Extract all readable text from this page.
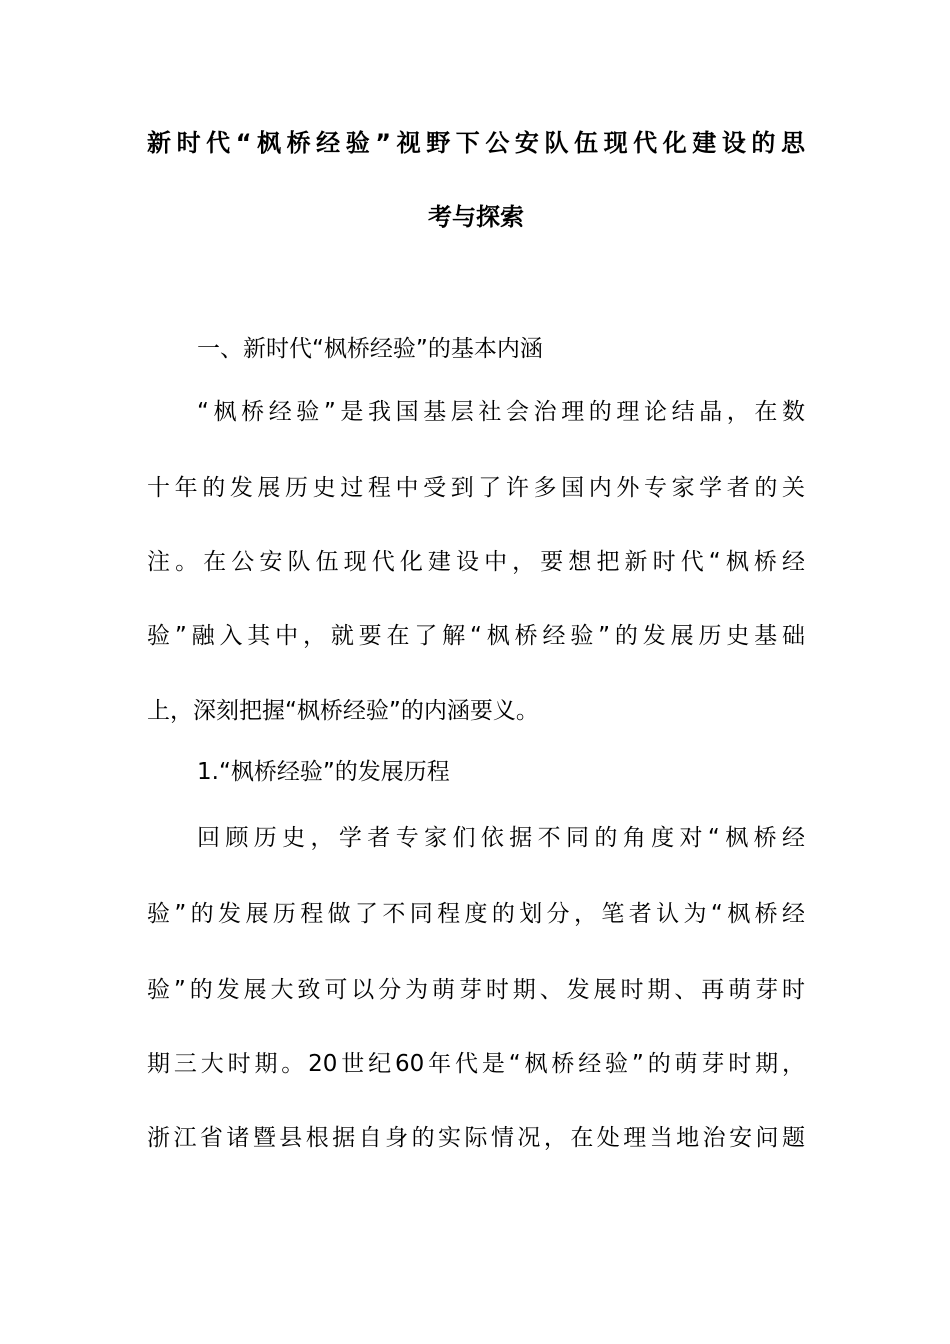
新时代“枫桥经验”视野下公安队伍现代化建设的思
考与探索
一、新时代“枫桥经验”的基本内涵
“枫桥经验”是我国基层社会治理的理论结晶，在数
十年的发展历史过程中受到了许多国内外专家学者的关
注。在公安队伍现代化建设中，要想把新时代“枫桥经
验”融入其中，就要在了解“枫桥经验”的发展历史基础
上，深刻把握“枫桥经验”的内涵要义。
1.“枫桥经验”的发展历程
回顾历史，学者专家们依据不同的角度对“枫桥经
验”的发展历程做了不同程度的划分，笔者认为“枫桥经
验”的发展大致可以分为萌芽时期、发展时期、再萌芽时
期三大时期。20世纪60年代是“枫桥经验”的萌芽时期，
浙江省诸暨县根据自身的实际情况，在处理当地治安问题
